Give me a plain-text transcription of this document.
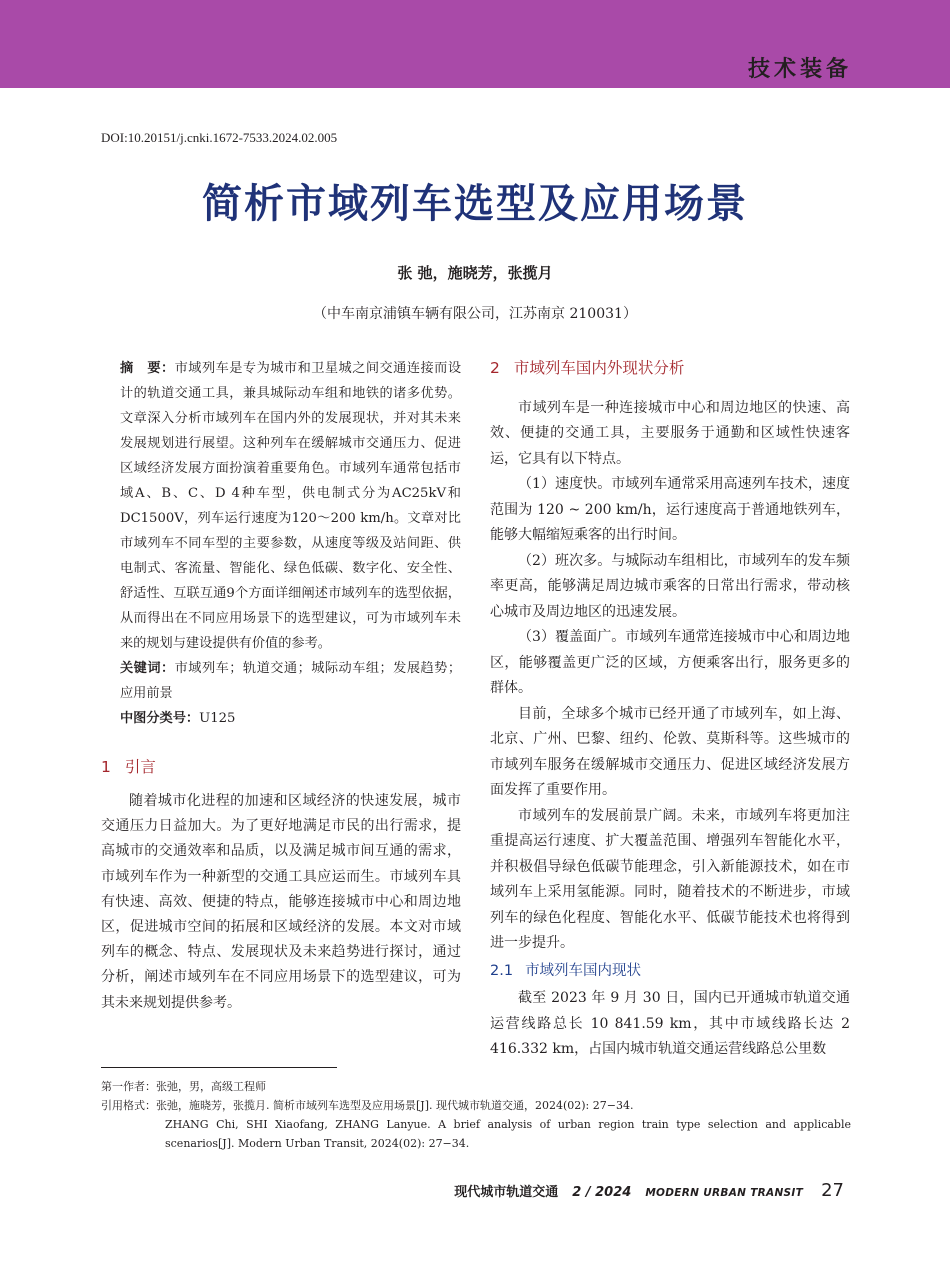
技术装备
DOI:10.20151/j.cnki.1672-7533.2024.02.005
简析市域列车选型及应用场景
张 弛，施晓芳，张揽月
（中车南京浦镇车辆有限公司，江苏南京 210031）

摘　要：市域列车是专为城市和卫星城之间交通连接而设计的轨道交通工具，兼具城际动车组和地铁的诸多优势。文章深入分析市域列车在国内外的发展现状，并对其未来发展规划进行展望。这种列车在缓解城市交通压力、促进区域经济发展方面扮演着重要角色。市域列车通常包括市域A、B、C、D 4种车型，供电制式分为AC25kV和DC1500V，列车运行速度为120～200 km/h。文章对比市域列车不同车型的主要参数，从速度等级及站间距、供电制式、客流量、智能化、绿色低碳、数字化、安全性、舒适性、互联互通9个方面详细阐述市域列车的选型依据，从而得出在不同应用场景下的选型建议，可为市域列车未来的规划与建设提供有价值的参考。

关键词：市域列车；轨道交通；城际动车组；发展趋势；应用前景

中图分类号：U125

1 引言

随着城市化进程的加速和区域经济的快速发展，城市交通压力日益加大。为了更好地满足市民的出行需求，提高城市的交通效率和品质，以及满足城市间互通的需求，市域列车作为一种新型的交通工具应运而生。市域列车具有快速、高效、便捷的特点，能够连接城市中心和周边地区，促进城市空间的拓展和区域经济的发展。本文对市域列车的概念、特点、发展现状及未来趋势进行探讨，通过分析，阐述市域列车在不同应用场景下的选型建议，可为其未来规划提供参考。

2 市域列车国内外现状分析

市域列车是一种连接城市中心和周边地区的快速、高效、便捷的交通工具，主要服务于通勤和区域性快速客运，它具有以下特点。

（1）速度快。市域列车通常采用高速列车技术，速度范围为 120 ~ 200 km/h，运行速度高于普通地铁列车，能够大幅缩短乘客的出行时间。

（2）班次多。与城际动车组相比，市域列车的发车频率更高，能够满足周边城市乘客的日常出行需求，带动核心城市及周边地区的迅速发展。

（3）覆盖面广。市域列车通常连接城市中心和周边地区，能够覆盖更广泛的区域，方便乘客出行，服务更多的群体。

目前，全球多个城市已经开通了市域列车，如上海、北京、广州、巴黎、纽约、伦敦、莫斯科等。这些城市的市域列车服务在缓解城市交通压力、促进区域经济发展方面发挥了重要作用。

市域列车的发展前景广阔。未来，市域列车将更加注重提高运行速度、扩大覆盖范围、增强列车智能化水平，并积极倡导绿色低碳节能理念，引入新能源技术，如在市域列车上采用氢能源。同时，随着技术的不断进步，市域列车的绿色化程度、智能化水平、低碳节能技术也将得到进一步提升。

2.1 市域列车国内现状

截至 2023 年 9 月 30 日，国内已开通城市轨道交通运营线路总长 10 841.59 km，其中市域线路长达 2 416.332 km，占国内城市轨道交通运营线路总公里数

第一作者：张弛，男，高级工程师

引用格式：张弛，施晓芳，张揽月. 简析市域列车选型及应用场景[J]. 现代城市轨道交通，2024(02): 27−34.

ZHANG Chi, SHI Xiaofang, ZHANG Lanyue. A brief analysis of urban region train type selection and applicable scenarios[J]. Modern Urban Transit, 2024(02): 27−34.

现代城市轨道交通 2 / 2024 MODERN URBAN TRANSIT 27
